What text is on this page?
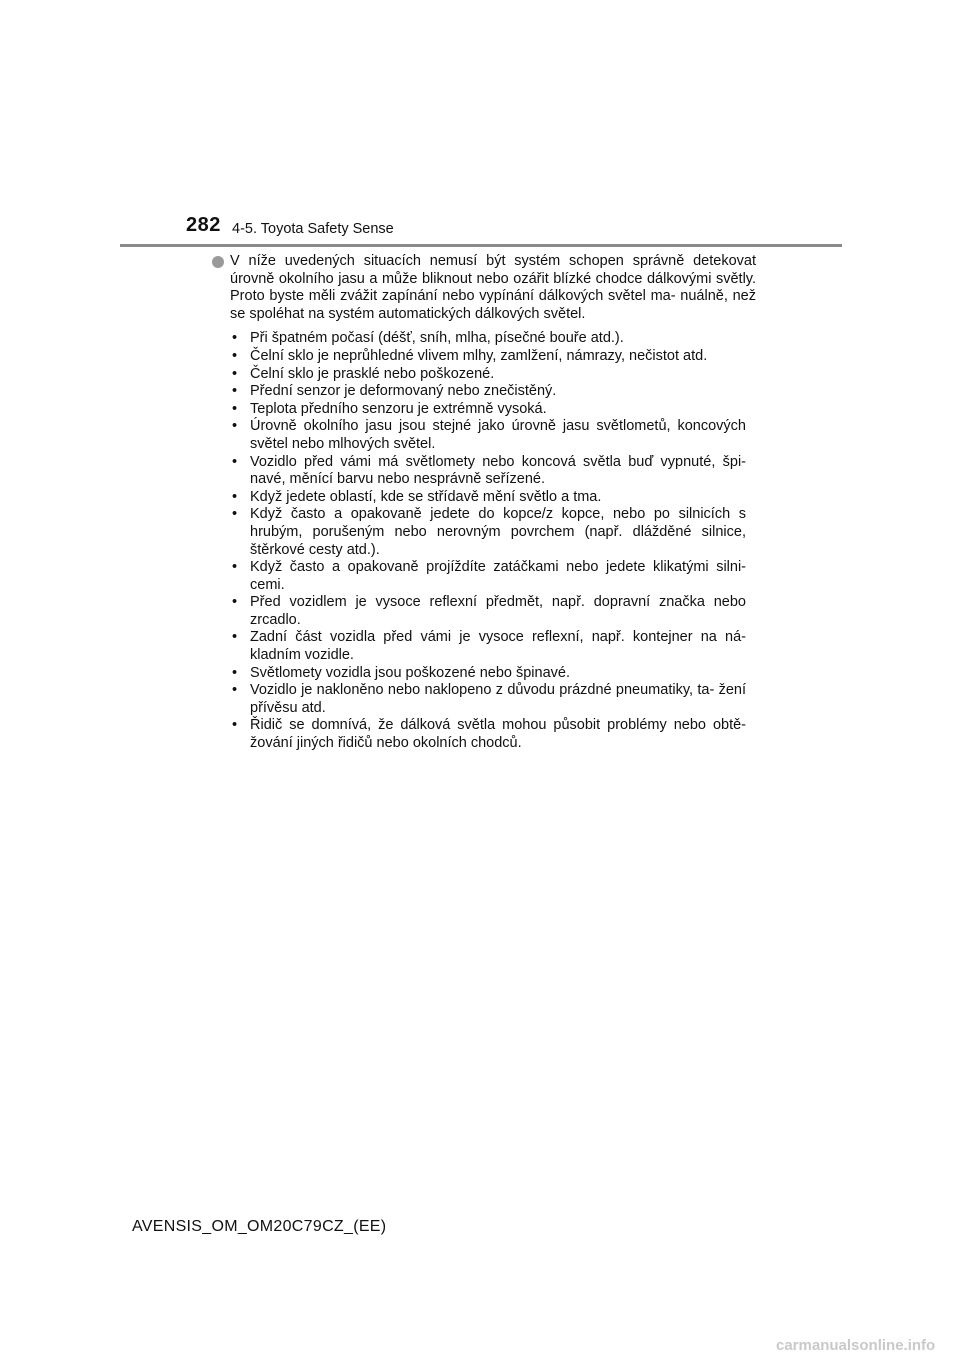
282 4-5. Toyota Safety Sense

V níže uvedených situacích nemusí být systém schopen správně detekovat úrovně okolního jasu a může bliknout nebo ozářit blízké chodce dálkovými světly. Proto byste měli zvážit zapínání nebo vypínání dálkových světel ma- nuálně, než se spoléhat na systém automatických dálkových světel.

• Při špatném počasí (déšť, sníh, mlha, písečné bouře atd.).
• Čelní sklo je neprůhledné vlivem mlhy, zamlžení, námrazy, nečistot atd.
• Čelní sklo je prasklé nebo poškozené.
• Přední senzor je deformovaný nebo znečistěný.
• Teplota předního senzoru je extrémně vysoká.
• Úrovně okolního jasu jsou stejné jako úrovně jasu světlometů, koncových světel nebo mlhových světel.
• Vozidlo před vámi má světlomety nebo koncová světla buď vypnuté, špi- navé, měnící barvu nebo nesprávně seřízené.
• Když jedete oblastí, kde se střídavě mění světlo a tma.
• Když často a opakovaně jedete do kopce/z kopce, nebo po silnicích s hrubým, porušeným nebo nerovným povrchem (např. dlážděné silnice, štěrkové cesty atd.).
• Když často a opakovaně projíždíte zatáčkami nebo jedete klikatými silni- cemi.
• Před vozidlem je vysoce reflexní předmět, např. dopravní značka nebo zrcadlo.
• Zadní část vozidla před vámi je vysoce reflexní, např. kontejner na ná- kladním vozidle.
• Světlomety vozidla jsou poškozené nebo špinavé.
• Vozidlo je nakloněno nebo naklopeno z důvodu prázdné pneumatiky, ta- žení přívěsu atd.
• Řidič se domnívá, že dálková světla mohou působit problémy nebo obtě- žování jiných řidičů nebo okolních chodců.
AVENSIS_OM_OM20C79CZ_(EE)
carmanualsonline.info
